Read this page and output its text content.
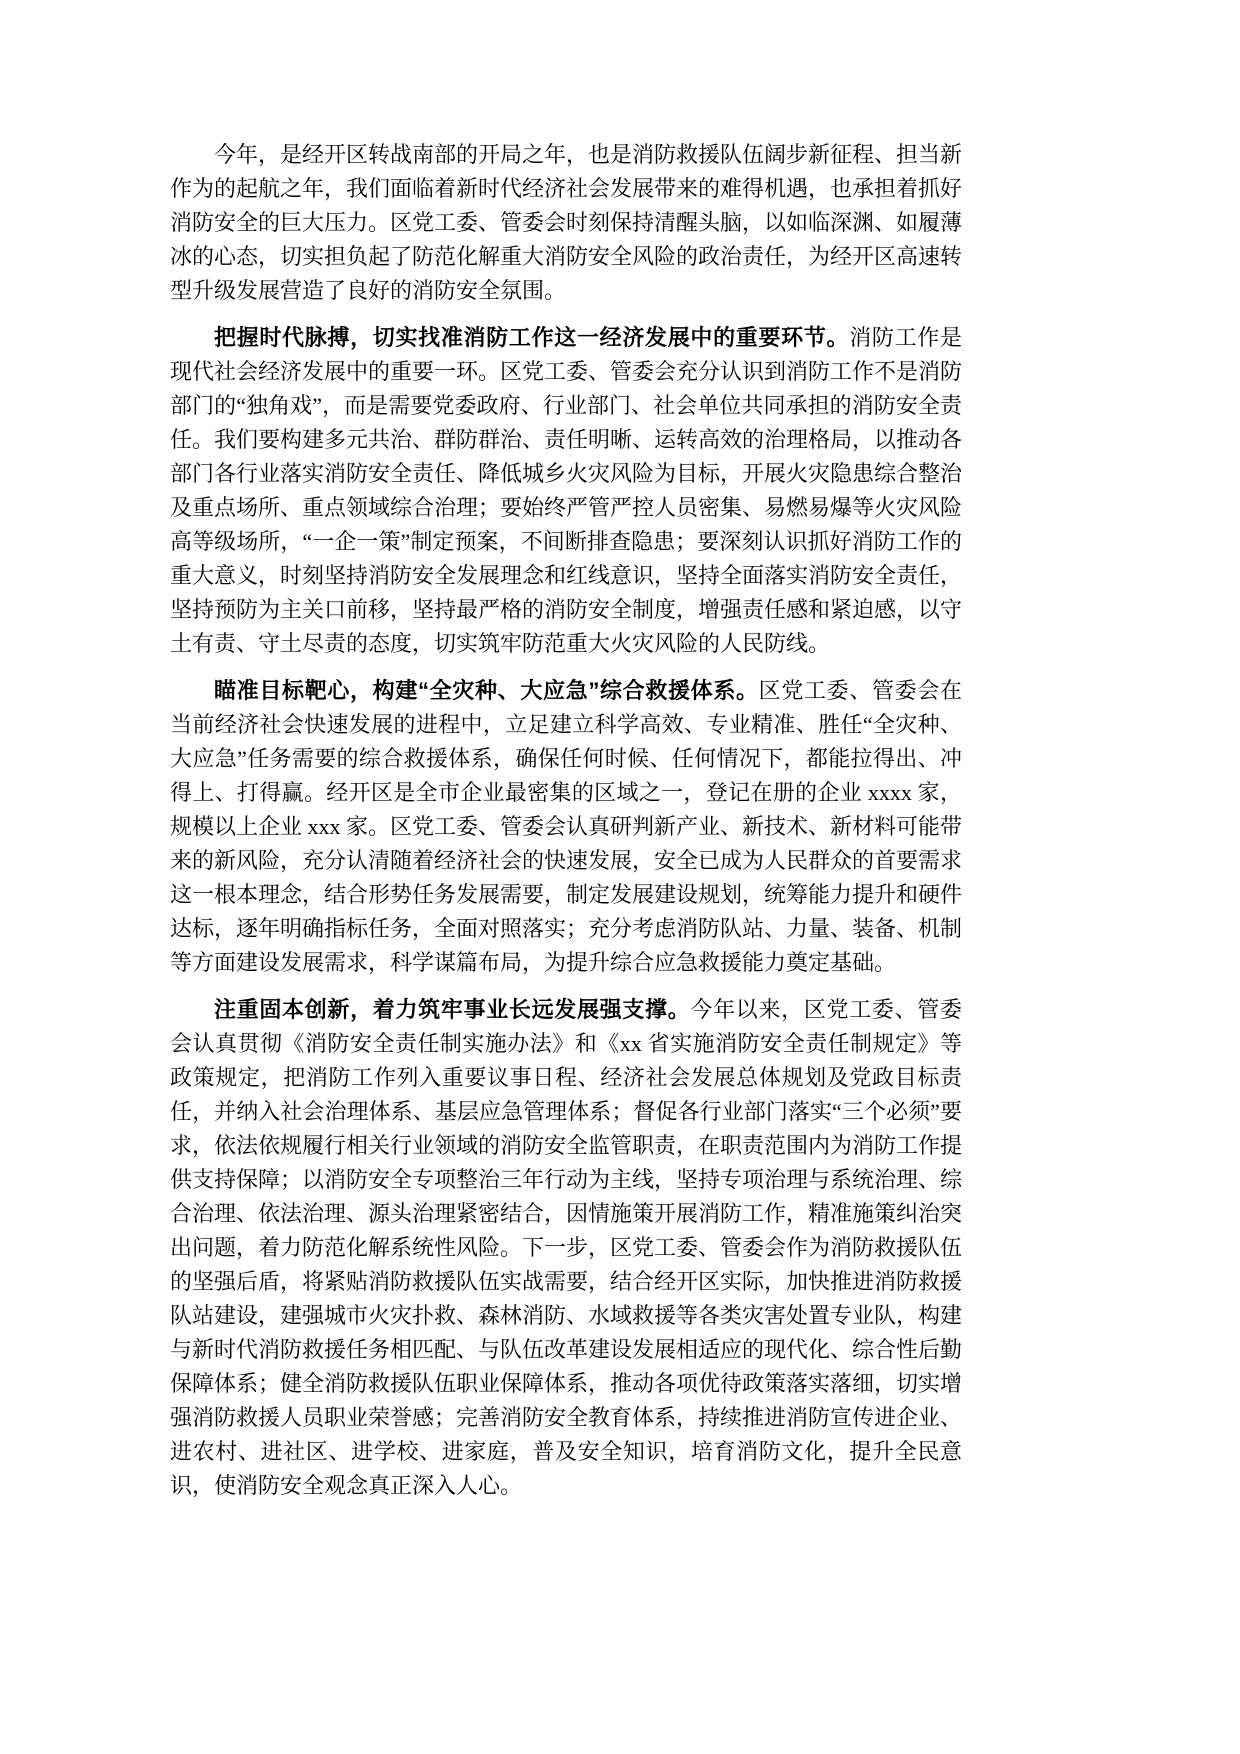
今年，是经开区转战南部的开局之年，也是消防救援队伍阔步新征程、担当新作为的起航之年，我们面临着新时代经济社会发展带来的难得机遇，也承担着抓好消防安全的巨大压力。区党工委、管委会时刻保持清醒头脑，以如临深渊、如履薄冰的心态，切实担负起了防范化解重大消防安全风险的政治责任，为经开区高速转型升级发展营造了良好的消防安全氛围。

把握时代脉搏，切实找准消防工作这一经济发展中的重要环节。消防工作是现代社会经济发展中的重要一环。区党工委、管委会充分认识到消防工作不是消防部门的“独角戏”，而是需要党委政府、行业部门、社会单位共同承担的消防安全责任。我们要构建多元共治、群防群治、责任明晰、运转高效的治理格局，以推动各部门各行业落实消防安全责任、降低城乡火灾风险为目标，开展火灾隐患综合整治及重点场所、重点领域综合治理；要始终严管严控人员密集、易燃易爆等火灾风险高等级场所，“一企一策”制定预案，不间断排查隐患；要深刻认识抓好消防工作的重大意义，时刻坚持消防安全发展理念和红线意识，坚持全面落实消防安全责任，坚持预防为主关口前移，坚持最严格的消防安全制度，增强责任感和紧迫感，以守土有责、守土尽责的态度，切实筑牢防范重大火灾风险的人民防线。

瞄准目标靶心，构建“全灾种、大应急”综合救援体系。区党工委、管委会在当前经济社会快速发展的进程中，立足建立科学高效、专业精准、胜任“全灾种、大应急”任务需要的综合救援体系，确保任何时候、任何情况下，都能拉得出、冲得上、打得赢。经开区是全市企业最密集的区域之一，登记在册的企业 xxxx 家，规模以上企业 xxx 家。区党工委、管委会认真研判新产业、新技术、新材料可能带来的新风险，充分认清随着经济社会的快速发展，安全已成为人民群众的首要需求这一根本理念，结合形势任务发展需要，制定发展建设规划，统筹能力提升和硬件达标，逐年明确指标任务，全面对照落实；充分考虑消防队站、力量、装备、机制等方面建设发展需求，科学谋篇布局，为提升综合应急救援能力奠定基础。

注重固本创新，着力筑牢事业长远发展强支撑。今年以来，区党工委、管委会认真贯彻《消防安全责任制实施办法》和《xx 省实施消防安全责任制规定》等政策规定，把消防工作列入重要议事日程、经济社会发展总体规划及党政目标责任，并纳入社会治理体系、基层应急管理体系；督促各行业部门落实“三个必须”要求，依法依规履行相关行业领域的消防安全监管职责，在职责范围内为消防工作提供支持保障；以消防安全专项整治三年行动为主线，坚持专项治理与系统治理、综合治理、依法治理、源头治理紧密结合，因情施策开展消防工作，精准施策纠治突出问题，着力防范化解系统性风险。下一步，区党工委、管委会作为消防救援队伍的坚强后盾，将紧贴消防救援队伍实战需要，结合经开区实际，加快推进消防救援队站建设，建强城市火灾扑救、森林消防、水域救援等各类灾害处置专业队，构建与新时代消防救援任务相匹配、与队伍改革建设发展相适应的现代化、综合性后勤保障体系；健全消防救援队伍职业保障体系，推动各项优待政策落实落细，切实增强消防救援人员职业荣誉感；完善消防安全教育体系，持续推进消防宣传进企业、进农村、进社区、进学校、进家庭，普及安全知识，培育消防文化，提升全民意识，使消防安全观念真正深入人心。
